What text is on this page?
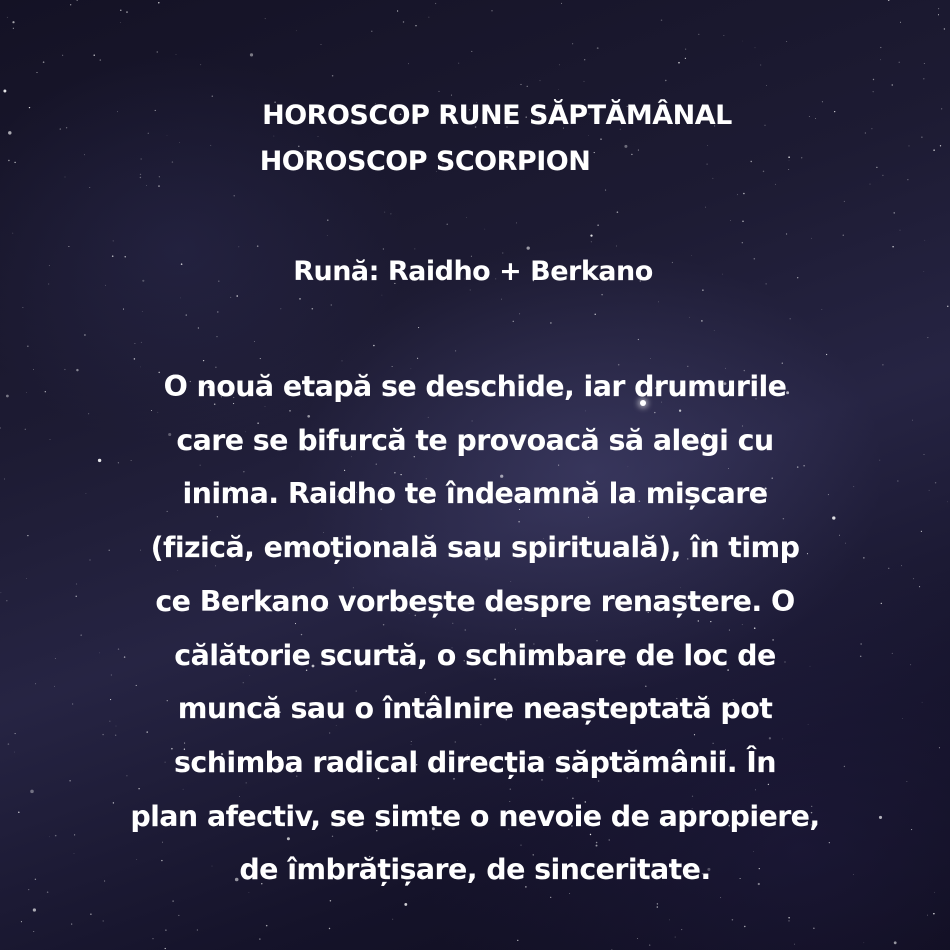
HOROSCOP RUNE SĂPTĂMÂNAL
HOROSCOP SCORPION
Rună: Raidho + Berkano
O nouă etapă se deschide, iar drumurile
care se bifurcă te provoacă să alegi cu
inima. Raidho te îndeamnă la mișcare
(fizică, emoțională sau spirituală), în timp
ce Berkano vorbește despre renaștere. O
călătorie scurtă, o schimbare de loc de
muncă sau o întâlnire neașteptată pot
schimba radical direcția săptămânii. În
plan afectiv, se simte o nevoie de apropiere,
de îmbrățișare, de sinceritate.
